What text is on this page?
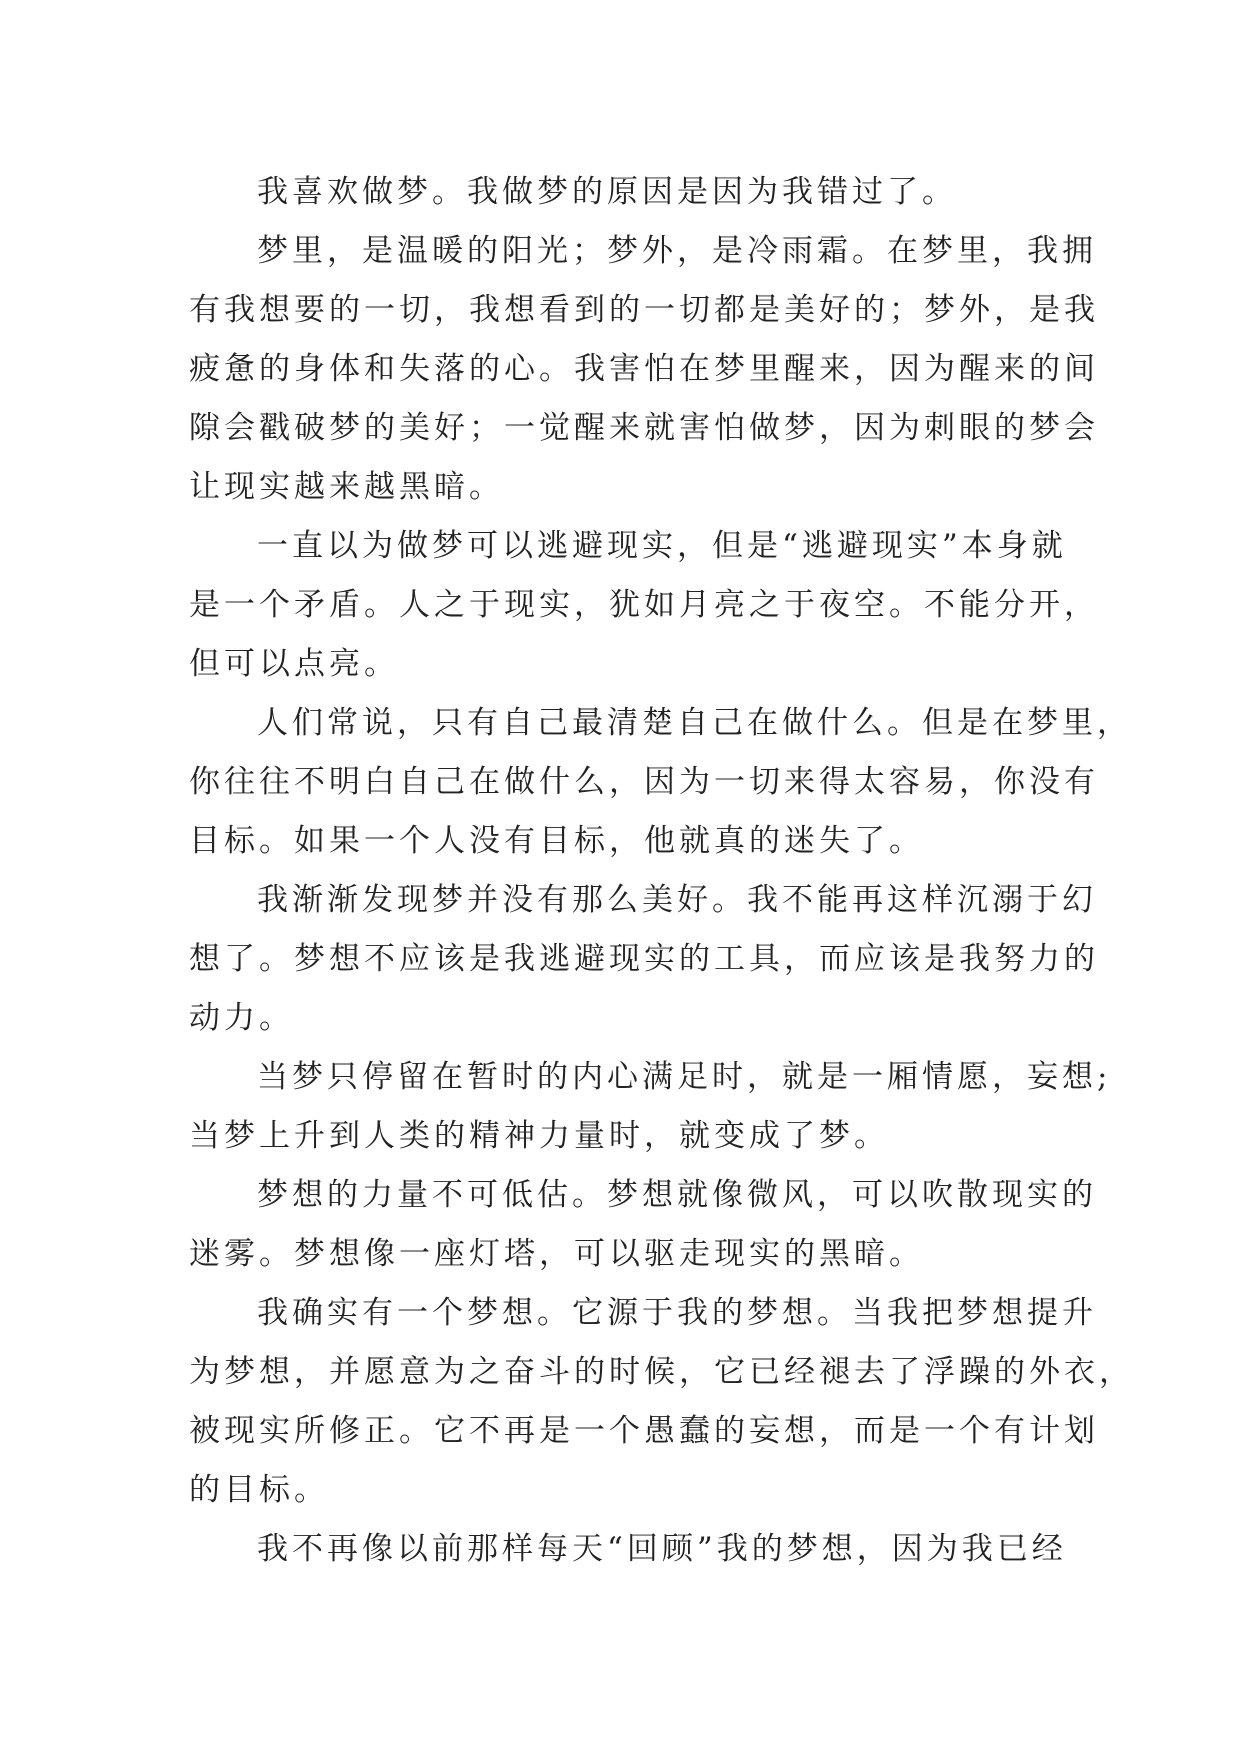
我喜欢做梦。我做梦的原因是因为我错过了。
梦里，是温暖的阳光；梦外，是冷雨霜。在梦里，我拥
有我想要的一切，我想看到的一切都是美好的；梦外，是我
疲惫的身体和失落的心。我害怕在梦里醒来，因为醒来的间
隙会戳破梦的美好；一觉醒来就害怕做梦，因为刺眼的梦会
让现实越来越黑暗。
一直以为做梦可以逃避现实，但是“逃避现实”本身就
是一个矛盾。人之于现实，犹如月亮之于夜空。不能分开，
但可以点亮。
人们常说，只有自己最清楚自己在做什么。但是在梦里，
你往往不明白自己在做什么，因为一切来得太容易，你没有
目标。如果一个人没有目标，他就真的迷失了。
我渐渐发现梦并没有那么美好。我不能再这样沉溺于幻
想了。梦想不应该是我逃避现实的工具，而应该是我努力的
动力。
当梦只停留在暂时的内心满足时，就是一厢情愿，妄想;
当梦上升到人类的精神力量时，就变成了梦。
梦想的力量不可低估。梦想就像微风，可以吹散现实的
迷雾。梦想像一座灯塔，可以驱走现实的黑暗。
我确实有一个梦想。它源于我的梦想。当我把梦想提升
为梦想，并愿意为之奋斗的时候，它已经褪去了浮躁的外衣，
被现实所修正。它不再是一个愚蠢的妄想，而是一个有计划
的目标。
我不再像以前那样每天“回顾”我的梦想，因为我已经
